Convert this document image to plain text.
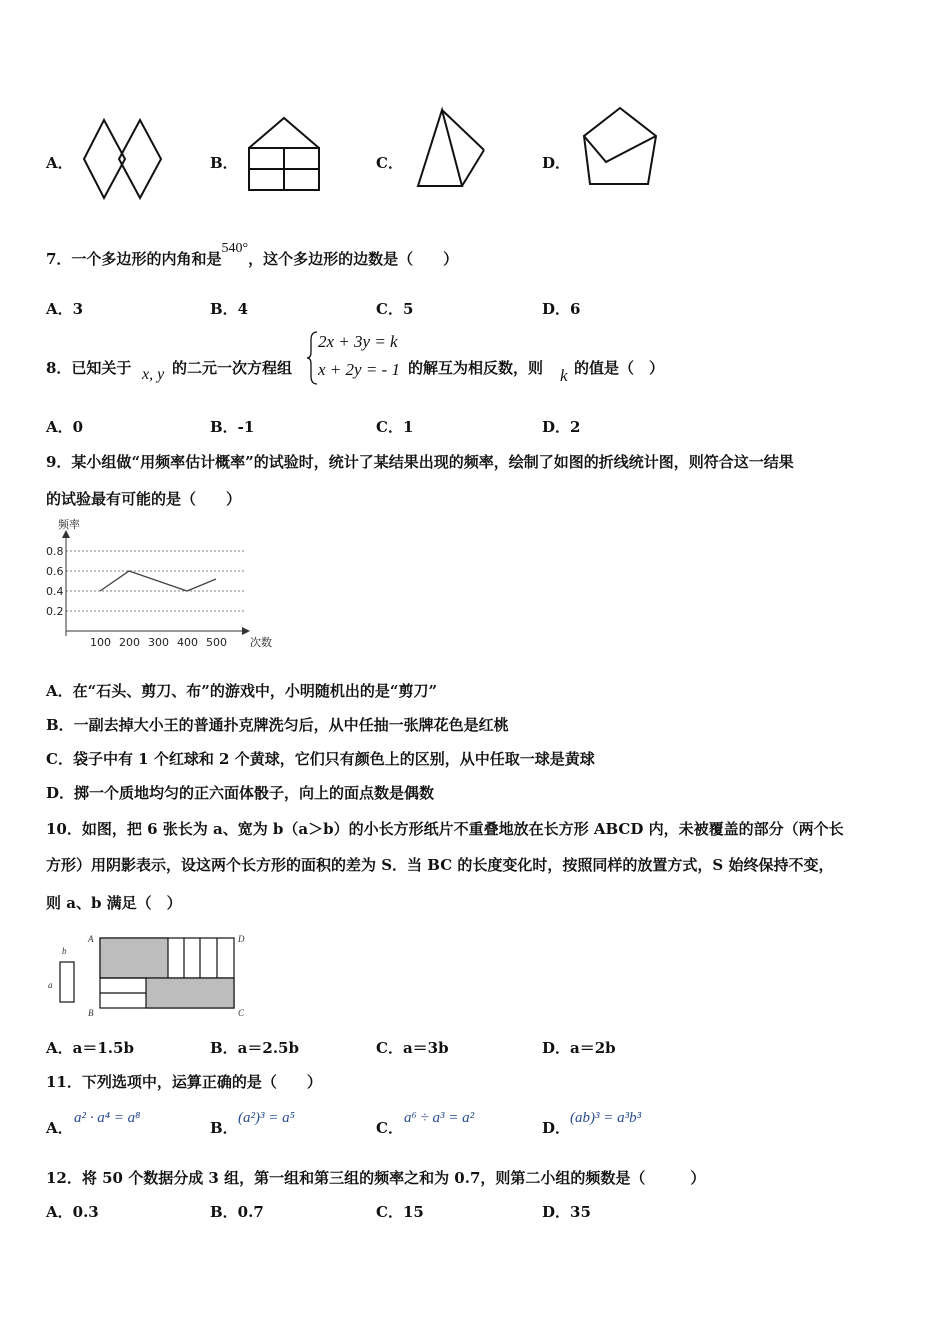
A．	B．	C．	D．
7．一个多边形的内角和是540°，这个多边形的边数是（　　）
A．3	B．4	C．5	D．6
8．已知关于 x, y 的二元一次方程组
2x + 3y = k
x + 2y = - 1 的解互为相反数，则 k 的值是（　）
A．0	B．-1	C．1	D．2
9．某小组做“用频率估计概率”的试验时，统计了某结果出现的频率，绘制了如图的折线统计图，则符合这一结果
的试验最有可能的是（　　）
频率
次数
0.2
0.4
0.6
0.8
100 200 300 400 500
A．在“石头、剪刀、布”的游戏中，小明随机出的是“剪刀”
B．一副去掉大小王的普通扑克牌洗匀后，从中任抽一张牌花色是红桃
C．袋子中有 1 个红球和 2 个黄球，它们只有颜色上的区别，从中任取一球是黄球
D．掷一个质地均匀的正六面体骰子，向上的面点数是偶数
10．如图，把 6 张长为 a、宽为 b（a＞b）的小长方形纸片不重叠地放在长方形 ABCD 内，未被覆盖的部分（两个长
方形）用阴影表示，设这两个长方形的面积的差为 S．当 BC 的长度变化时，按照同样的放置方式，S 始终保持不变，
则 a、b 满足（　）
b
a
A	D
B	C
A．a＝1.5b	B．a＝2.5b	C．a＝3b	D．a＝2b
11．下列选项中，运算正确的是（　　）
A．
a² · a⁴ = a⁸
B．
(a²)³ = a⁵
C．
a⁶ ÷ a³ = a²
D．
(ab)³ = a³b³
12．将 50 个数据分成 3 组，第一组和第三组的频率之和为 0.7，则第二小组的频数是（　　　）
A．0.3	B．0.7	C．15	D．35
